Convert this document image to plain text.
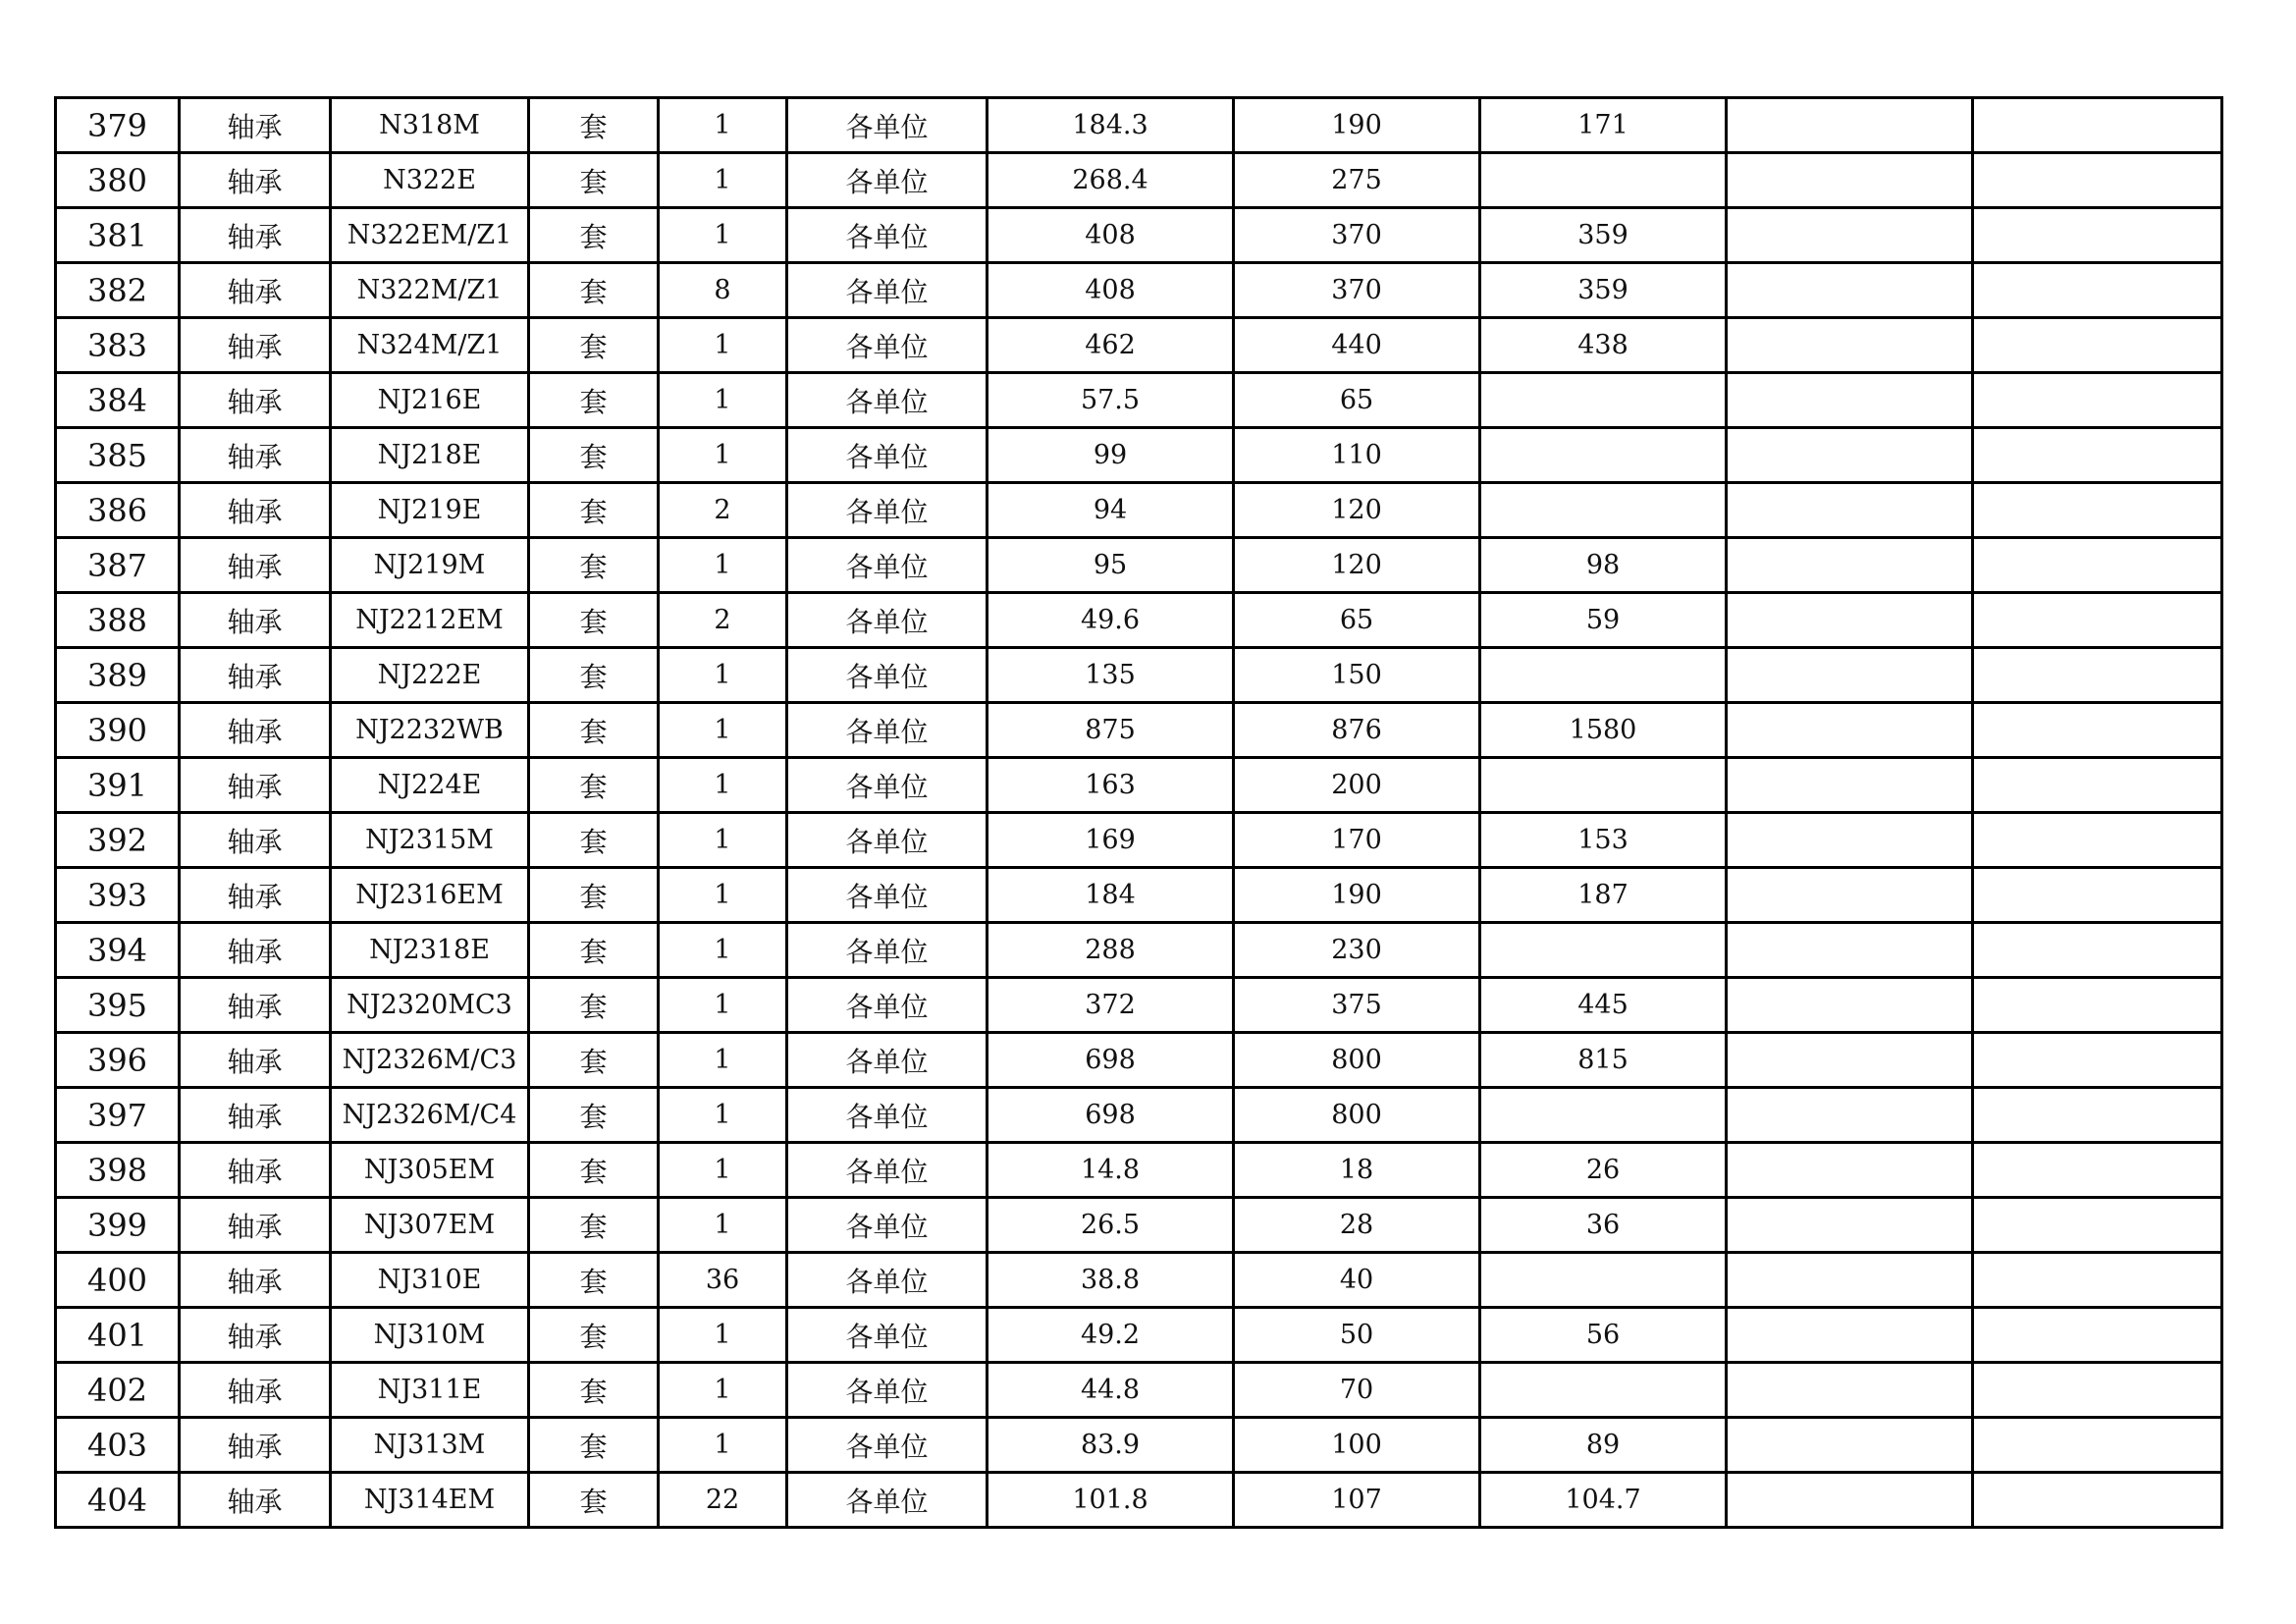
379	轴承	N318M	套	1	各单位	184.3	190	171		
380	轴承	N322E	套	1	各单位	268.4	275			
381	轴承	N322EM/Z1	套	1	各单位	408	370	359		
382	轴承	N322M/Z1	套	8	各单位	408	370	359		
383	轴承	N324M/Z1	套	1	各单位	462	440	438		
384	轴承	NJ216E	套	1	各单位	57.5	65			
385	轴承	NJ218E	套	1	各单位	99	110			
386	轴承	NJ219E	套	2	各单位	94	120			
387	轴承	NJ219M	套	1	各单位	95	120	98		
388	轴承	NJ2212EM	套	2	各单位	49.6	65	59		
389	轴承	NJ222E	套	1	各单位	135	150			
390	轴承	NJ2232WB	套	1	各单位	875	876	1580		
391	轴承	NJ224E	套	1	各单位	163	200			
392	轴承	NJ2315M	套	1	各单位	169	170	153		
393	轴承	NJ2316EM	套	1	各单位	184	190	187		
394	轴承	NJ2318E	套	1	各单位	288	230			
395	轴承	NJ2320MC3	套	1	各单位	372	375	445		
396	轴承	NJ2326M/C3	套	1	各单位	698	800	815		
397	轴承	NJ2326M/C4	套	1	各单位	698	800			
398	轴承	NJ305EM	套	1	各单位	14.8	18	26		
399	轴承	NJ307EM	套	1	各单位	26.5	28	36		
400	轴承	NJ310E	套	36	各单位	38.8	40			
401	轴承	NJ310M	套	1	各单位	49.2	50	56		
402	轴承	NJ311E	套	1	各单位	44.8	70			
403	轴承	NJ313M	套	1	各单位	83.9	100	89		
404	轴承	NJ314EM	套	22	各单位	101.8	107	104.7		
